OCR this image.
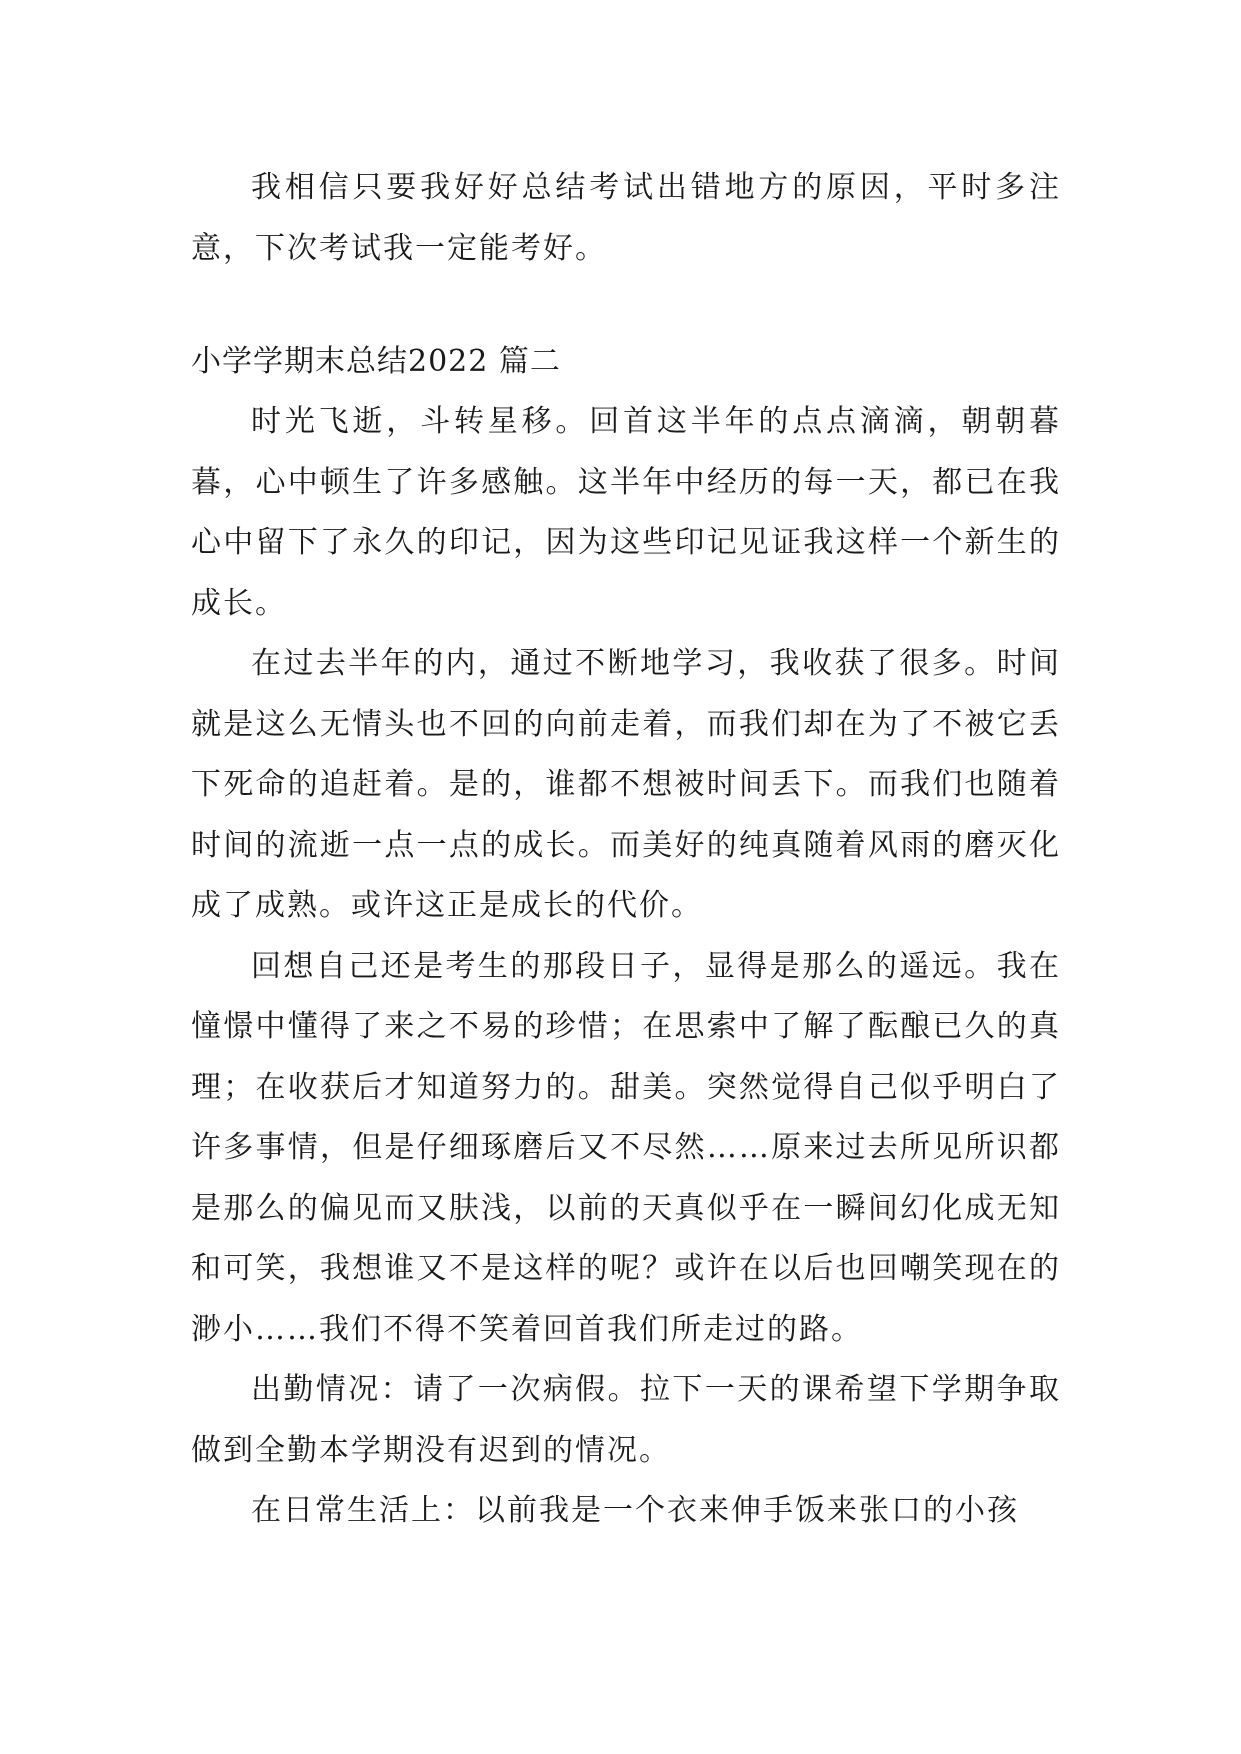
我相信只要我好好总结考试出错地方的原因，平时多注意，下次考试我一定能考好。

小学学期末总结2022 篇二

时光飞逝，斗转星移。回首这半年的点点滴滴，朝朝暮暮，心中顿生了许多感触。这半年中经历的每一天，都已在我心中留下了永久的印记，因为这些印记见证我这样一个新生的成长。

在过去半年的内，通过不断地学习，我收获了很多。时间就是这么无情头也不回的向前走着，而我们却在为了不被它丢下死命的追赶着。是的，谁都不想被时间丢下。而我们也随着时间的流逝一点一点的成长。而美好的纯真随着风雨的磨灭化成了成熟。或许这正是成长的代价。

回想自己还是考生的那段日子，显得是那么的遥远。我在憧憬中懂得了来之不易的珍惜；在思索中了解了酝酿已久的真理；在收获后才知道努力的。甜美。突然觉得自己似乎明白了许多事情，但是仔细琢磨后又不尽然……原来过去所见所识都是那么的偏见而又肤浅，以前的天真似乎在一瞬间幻化成无知和可笑，我想谁又不是这样的呢？或许在以后也回嘲笑现在的渺小……我们不得不笑着回首我们所走过的路。

出勤情况：请了一次病假。拉下一天的课希望下学期争取做到全勤本学期没有迟到的情况。

在日常生活上：以前我是一个衣来伸手饭来张口的小孩
